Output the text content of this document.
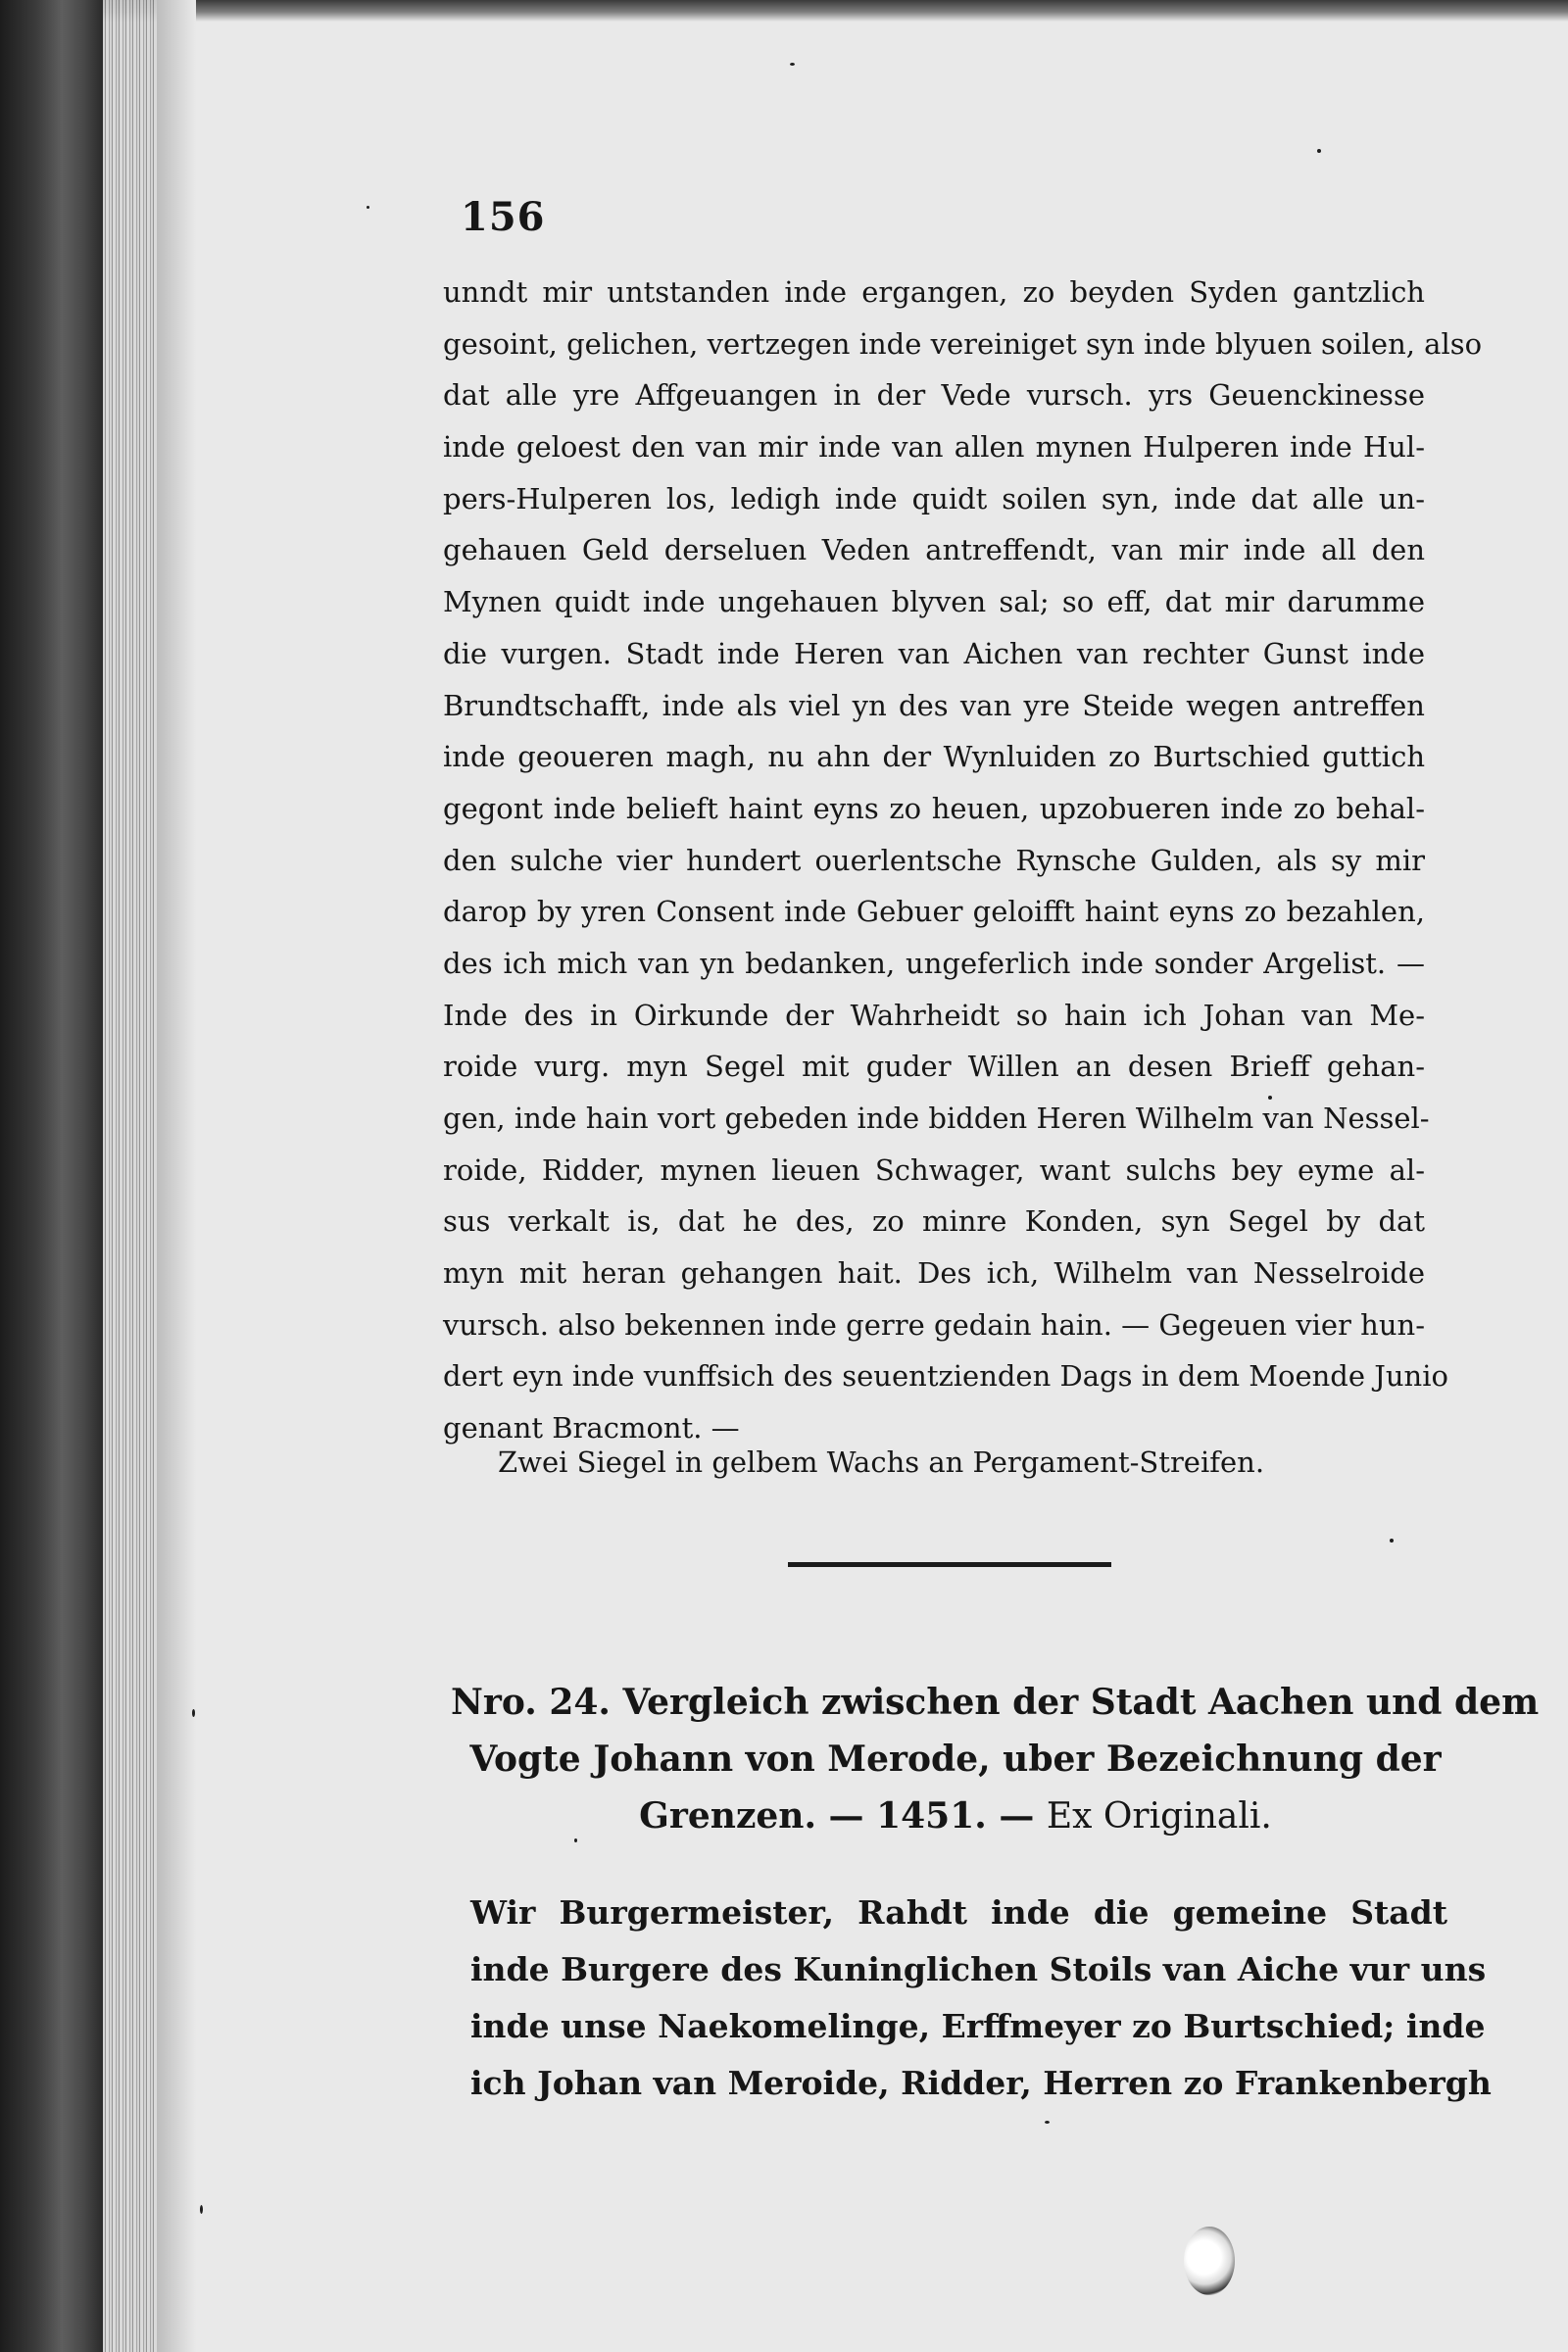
156
unndt mir untstanden inde ergangen, zo beyden Syden gantzlich
gesoint, gelichen, vertzegen inde vereiniget syn inde blyuen soilen, also
dat alle yre Affgeuangen in der Vede vursch. yrs Geuenckinesse
inde geloest den van mir inde van allen mynen Hulperen inde Hul-
pers-Hulperen los, ledigh inde quidt soilen syn, inde dat alle un-
gehauen Geld derseluen Veden antreffendt, van mir inde all den
Mynen quidt inde ungehauen blyven sal; so eff, dat mir darumme
die vurgen. Stadt inde Heren van Aichen van rechter Gunst inde
Brundtschafft, inde als viel yn des van yre Steide wegen antreffen
inde geoueren magh, nu ahn der Wynluiden zo Burtschied guttich
gegont inde belieft haint eyns zo heuen, upzobueren inde zo behal-
den sulche vier hundert ouerlentsche Rynsche Gulden, als sy mir
darop by yren Consent inde Gebuer geloifft haint eyns zo bezahlen,
des ich mich van yn bedanken, ungeferlich inde sonder Argelist. —
Inde des in Oirkunde der Wahrheidt so hain ich Johan van Me-
roide vurg. myn Segel mit guder Willen an desen Brieff gehan-
gen, inde hain vort gebeden inde bidden Heren Wilhelm van Nessel-
roide, Ridder, mynen lieuen Schwager, want sulchs bey eyme al-
sus verkalt is, dat he des, zo minre Konden, syn Segel by dat
myn mit heran gehangen hait. Des ich, Wilhelm van Nesselroide
vursch. also bekennen inde gerre gedain hain. — Gegeuen vier hun-
dert eyn inde vunffsich des seuentzienden Dags in dem Moende Junio
genant Bracmont. —
Zwei Siegel in gelbem Wachs an Pergament-Streifen.
Nro. 24. Vergleich zwischen der Stadt Aachen und dem
Vogte Johann von Merode, uber Bezeichnung der
Grenzen. — 1451. — Ex Originali.
Wir Burgermeister, Rahdt inde die gemeine Stadt
inde Burgere des Kuninglichen Stoils van Aiche vur uns
inde unse Naekomelinge, Erffmeyer zo Burtschied; inde
ich Johan van Meroide, Ridder, Herren zo Frankenbergh
